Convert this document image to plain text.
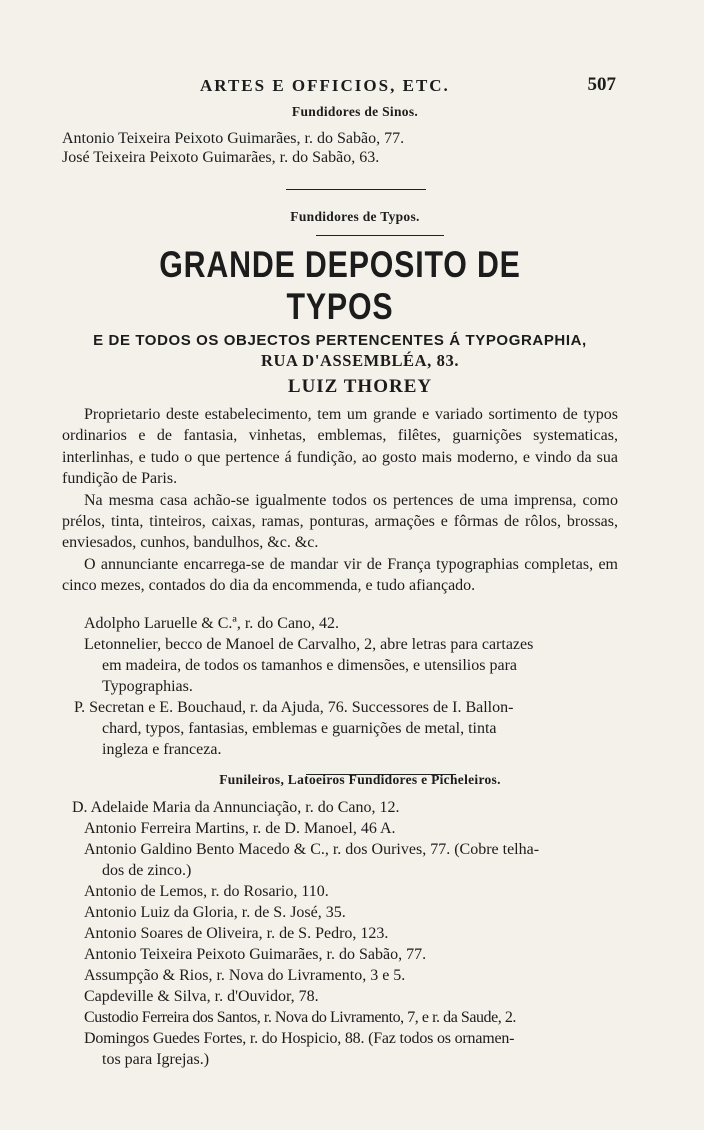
ARTES E OFFICIOS, ETC.	507
Fundidores de Sinos.
Antonio Teixeira Peixoto Guimarães, r. do Sabão, 77.
José Teixeira Peixoto Guimarães, r. do Sabão, 63.
Fundidores de Typos.
GRANDE DEPOSITO DE TYPOS
E DE TODOS OS OBJECTOS PERTENCENTES Á TYPOGRAPHIA,
RUA D'ASSEMBLÉA, 83.
LUIZ THOREY
Proprietario deste estabelecimento, tem um grande e variado sortimento de typos ordinarios e de fantasia, vinhetas, emblemas, filêtes, guarnições systematicas, interlinhas, e tudo o que pertence á fundição, ao gosto mais moderno, e vindo da sua fundição de Paris.
Na mesma casa achão-se igualmente todos os pertences de uma imprensa, como prélos, tinta, tinteiros, caixas, ramas, ponturas, armações e fôrmas de rôlos, brossas, enviesados, cunhos, bandulhos, &c. &c.
O annunciante encarrega-se de mandar vir de França typographias completas, em cinco mezes, contados do dia da encommenda, e tudo afiançado.
Adolpho Laruelle & C.ª, r. do Cano, 42.
Letonnelier, becco de Manoel de Carvalho, 2, abre letras para cartazes
em madeira, de todos os tamanhos e dimensões, e utensilios para
Typographias.
P. Secretan e E. Bouchaud, r. da Ajuda, 76. Successores de I. Ballon-
chard, typos, fantasias, emblemas e guarnições de metal, tinta
ingleza e franceza.
Funileiros, Latoeiros Fundidores e Picheleiros.
D. Adelaide Maria da Annunciação, r. do Cano, 12.
Antonio Ferreira Martins, r. de D. Manoel, 46 A.
Antonio Galdino Bento Macedo & C., r. dos Ourives, 77. (Cobre telha-
dos de zinco.)
Antonio de Lemos, r. do Rosario, 110.
Antonio Luiz da Gloria, r. de S. José, 35.
Antonio Soares de Oliveira, r. de S. Pedro, 123.
Antonio Teixeira Peixoto Guimarães, r. do Sabão, 77.
Assumpção & Rios, r. Nova do Livramento, 3 e 5.
Capdeville & Silva, r. d'Ouvidor, 78.
Custodio Ferreira dos Santos, r. Nova do Livramento, 7, e r. da Saude, 2.
Domingos Guedes Fortes, r. do Hospicio, 88. (Faz todos os ornamen-
tos para Igrejas.)
